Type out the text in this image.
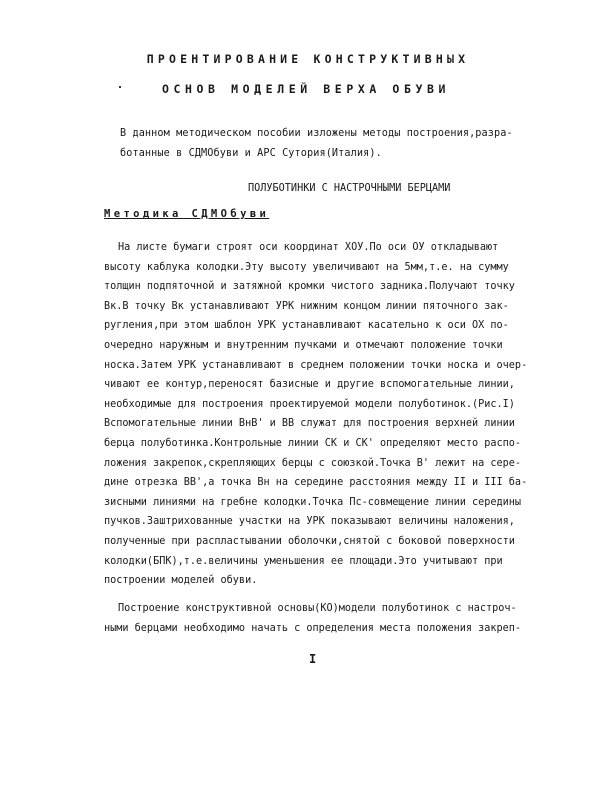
ПРОЕНТИРОВАНИЕ КОНСТРУКТИВНЫХ
ОСНОВ МОДЕЛЕЙ ВЕРХА ОБУВИ
В данном методическом пособии изложены методы построения,разра-
ботанные в СДМОбуви и АРС Сутория(Италия).
ПОЛУБОТИНКИ С НАСТРОЧНЫМИ БЕРЦАМИ
Методика СДМОбуви
На листе бумаги строят оси координат ХОУ.По оси ОУ откладывают
высоту каблука колодки.Эту высоту увеличивают на 5мм,т.е. на сумму
толщин подпяточной и затяжной кромки чистого задника.Получают точку
Вк.В точку Вк устанавливают УРК нижним концом линии пяточного зак-
ругления,при этом шаблон УРК устанавливают касательно к оси ОХ по-
очередно наружным и внутренним пучками и отмечают положение точки
носка.Затем УРК устанавливают в среднем положении точки носка и очер-
чивают ее контур,переносят базисные и другие вспомогательные линии,
необходимые для построения проектируемой модели полуботинок.(Рис.I)
Вспомогательные линии ВнВ' и ВВ служат для построения верхней линии
берца полуботинка.Контрольные линии СК и СК' определяют место распо-
ложения закрепок,скрепляющих берцы с союзкой.Точка В' лежит на сере-
дине отрезка ВВ',а точка Вн на середине расстояния между II и III ба-
зисными линиями на гребне колодки.Точка Пс-совмещение линии середины
пучков.Заштрихованные участки на УРК показывают величины наложения,
полученные при распластывании оболочки,снятой с боковой поверхности
колодки(БПК),т.е.величины уменьшения ее площади.Это учитывают при
построении моделей обуви.
Построение конструктивной основы(КО)модели полуботинок с настроч-
ными берцами необходимо начать с определения места положения закреп-
I
